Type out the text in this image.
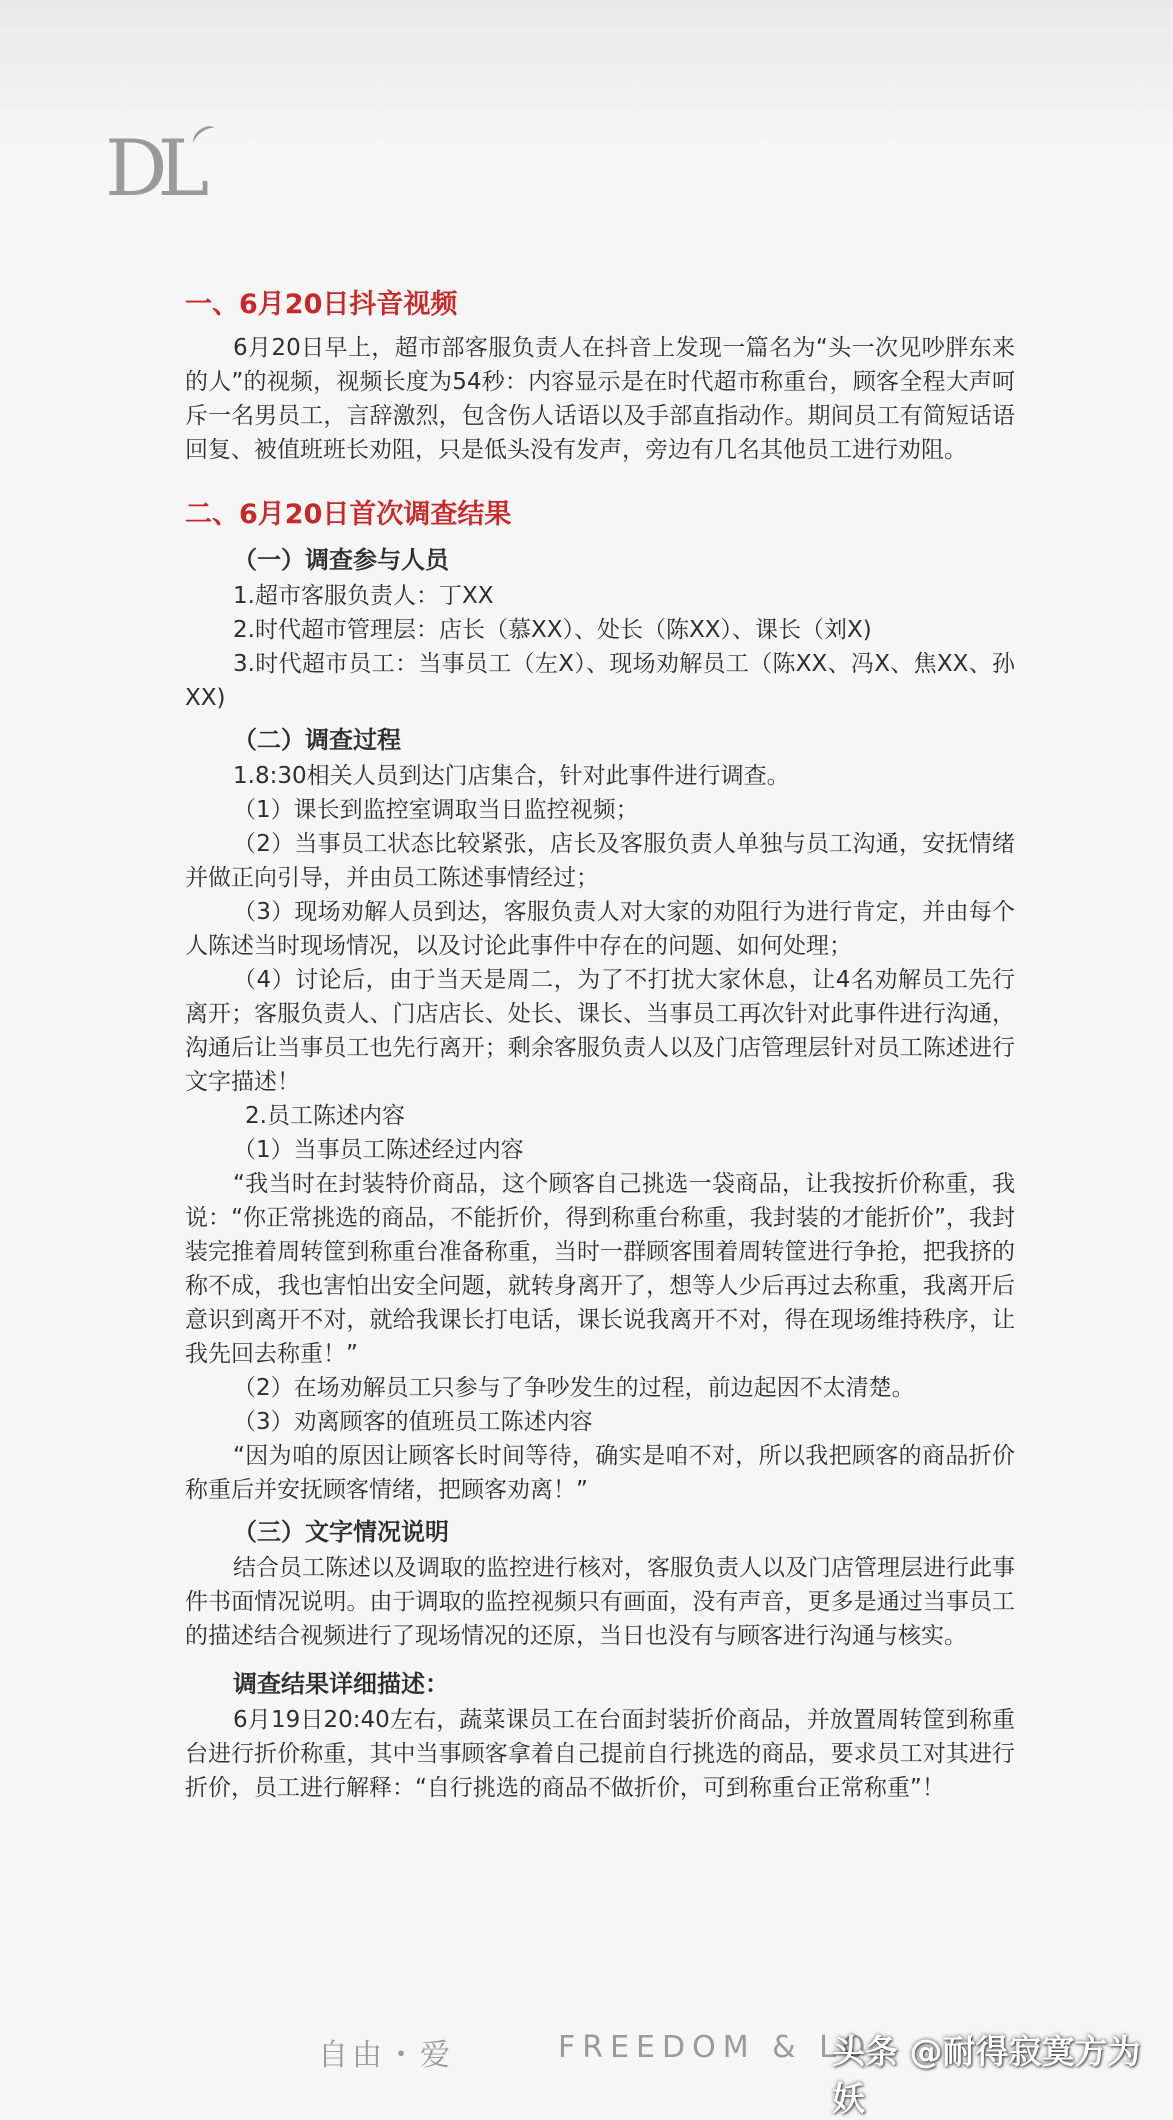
DL
一、6月20日抖音视频

6月20日早上，超市部客服负责人在抖音上发现一篇名为“头一次见吵胖东来的人”的视频，视频长度为54秒：内容显示是在时代超市称重台，顾客全程大声呵斥一名男员工，言辞激烈，包含伤人话语以及手部直指动作。期间员工有简短话语回复、被值班班长劝阻，只是低头没有发声，旁边有几名其他员工进行劝阻。

二、6月20日首次调查结果
（一）调查参与人员
1.超市客服负责人：丁XX
2.时代超市管理层：店长（慕XX）、处长（陈XX）、课长（刘X)

3.时代超市员工：当事员工（左X）、现场劝解员工（陈XX、冯X、焦XX、孙XX)

（二）调查过程
1.8:30相关人员到达门店集合，针对此事件进行调查。
（1）课长到监控室调取当日监控视频；

（2）当事员工状态比较紧张，店长及客服负责人单独与员工沟通，安抚情绪并做正向引导，并由员工陈述事情经过；

（3）现场劝解人员到达，客服负责人对大家的劝阻行为进行肯定，并由每个人陈述当时现场情况，以及讨论此事件中存在的问题、如何处理；

（4）讨论后，由于当天是周二，为了不打扰大家休息，让4名劝解员工先行离开；客服负责人、门店店长、处长、课长、当事员工再次针对此事件进行沟通，沟通后让当事员工也先行离开；剩余客服负责人以及门店管理层针对员工陈述进行文字描述！

2.员工陈述内容
（1）当事员工陈述经过内容

“我当时在封装特价商品，这个顾客自己挑选一袋商品，让我按折价称重，我说：“你正常挑选的商品，不能折价，得到称重台称重，我封装的才能折价”，我封装完推着周转筐到称重台准备称重，当时一群顾客围着周转筐进行争抢，把我挤的称不成，我也害怕出安全问题，就转身离开了，想等人少后再过去称重，我离开后意识到离开不对，就给我课长打电话，课长说我离开不对，得在现场维持秩序，让我先回去称重！”

（2）在场劝解员工只参与了争吵发生的过程，前边起因不太清楚。
（3）劝离顾客的值班员工陈述内容

“因为咱的原因让顾客长时间等待，确实是咱不对，所以我把顾客的商品折价称重后并安抚顾客情绪，把顾客劝离！”

（三）文字情况说明

结合员工陈述以及调取的监控进行核对，客服负责人以及门店管理层进行此事件书面情况说明。由于调取的监控视频只有画面，没有声音，更多是通过当事员工的描述结合视频进行了现场情况的还原，当日也没有与顾客进行沟通与核实。

调查结果详细描述：

6月19日20:40左右，蔬菜课员工在台面封装折价商品，并放置周转筐到称重台进行折价称重，其中当事顾客拿着自己提前自行挑选的商品，要求员工对其进行折价，员工进行解释：“自行挑选的商品不做折价，可到称重台正常称重”！

自由・爱	FREEDOM & LO
头条 @耐得寂寞方为妖
